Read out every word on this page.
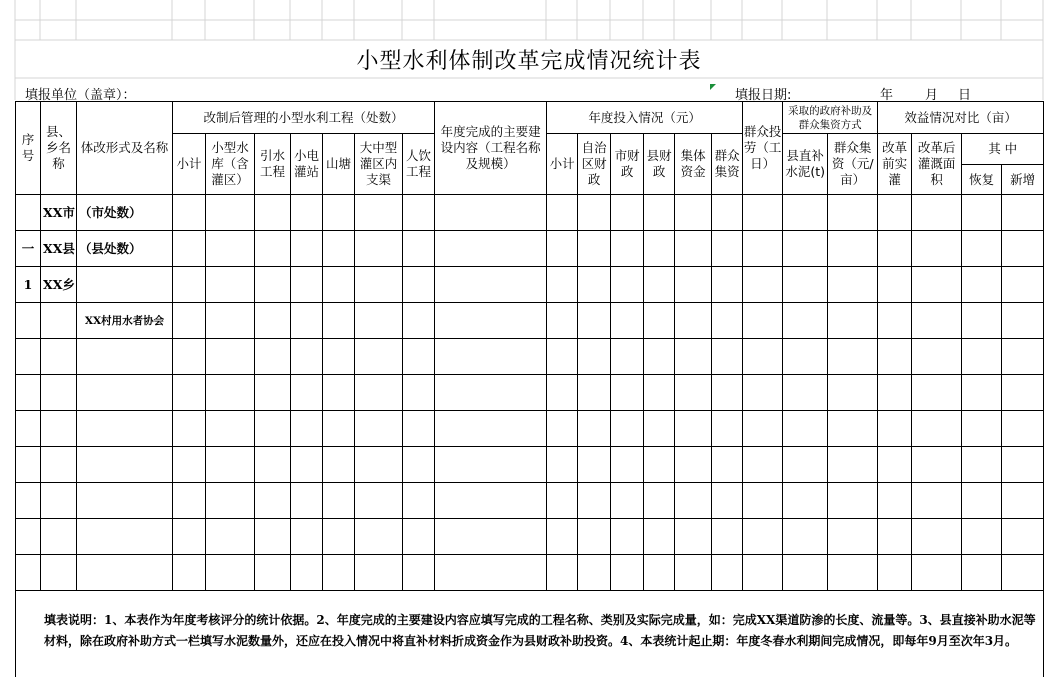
小型水利体制改革完成情况统计表
填报单位（盖章）：	填报日期:	年 月 日
序号	县、乡名称	体改形式及名称	改制后管理的小型水利工程（处数）							年度完成的主要建设内容（工程名称及规模）	年度投入情况（元）						群众投劳（工日）	采取的政府补助及群众集资方式		效益情况对比（亩）			
			小计	小型水库（含灌区）	引水工程	小电灌站	山塘	大中型灌区内支渠	人饮工程		小计	自治区财政	市财政	县财政	集体资金	群众集资		县直补水泥(t)	群众集资（元/亩）	改革前实灌	改革后灌溉面积	其 中	
																						恢复	新增
	XX市	（市处数）																					
一	XX县	（县处数）																					
1	XX乡																						
		XX村用水者协会																					

填表说明：1、本表作为年度考核评分的统计依据。2、年度完成的主要建设内容应填写完成的工程名称、类别及实际完成量，如：完成XX渠道防渗的长度、流量等。3、县直接补助水泥等材料，除在政府补助方式一栏填写水泥数量外，还应在投入情况中将直补材料折成资金作为县财政补助投资。4、本表统计起止期：年度冬春水利期间完成情况，即每年9月至次年3月。
